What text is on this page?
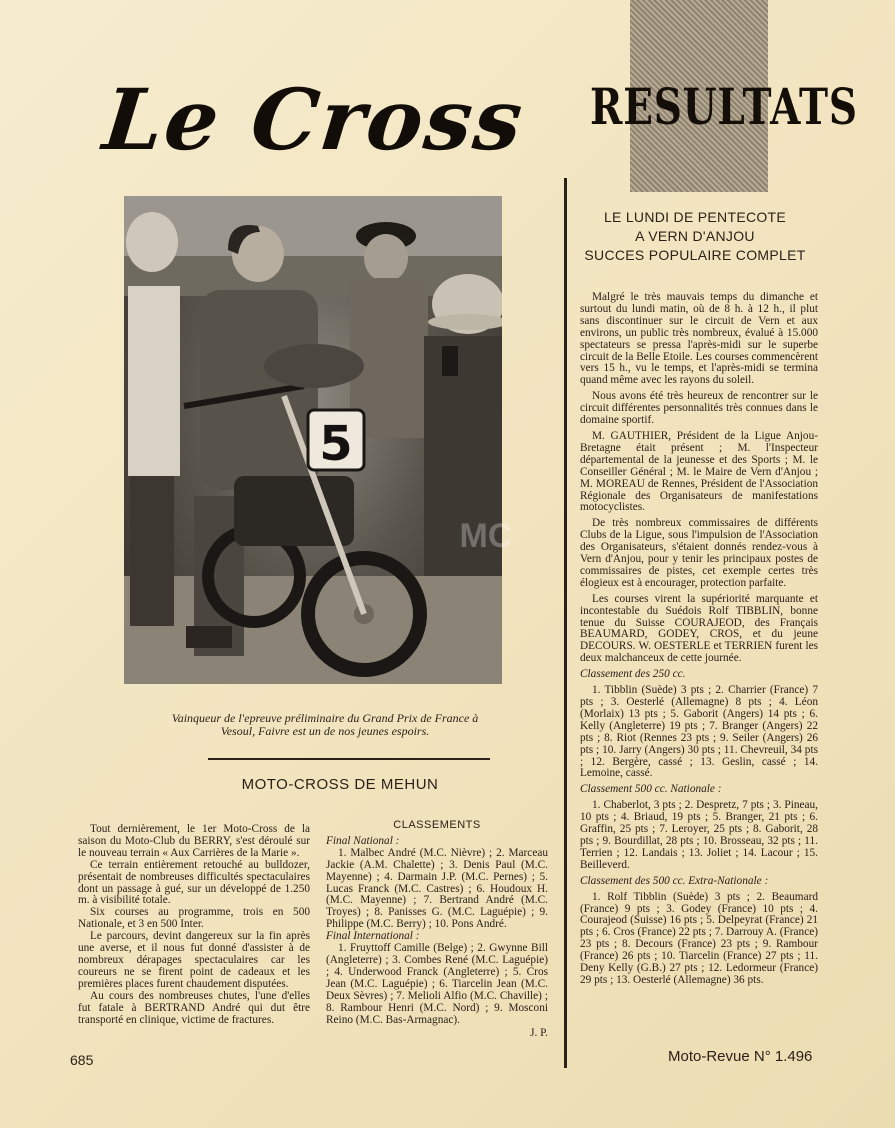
Le Cross RESULTATS
5
MC
Vainqueur de l'epreuve préliminaire du Grand Prix de France à Vesoul, Faivre est un de nos jeunes espoirs.
MOTO-CROSS DE MEHUN

Tout dernièrement, le 1er Moto-Cross de la saison du Moto-Club du BERRY, s'est déroulé sur le nouveau terrain « Aux Carrières de la Marie ».

Ce terrain entièrement retouché au bulldozer, présentait de nombreuses difficultés spectaculaires dont un passage à gué, sur un développé de 1.250 m. à visibilité totale.

Six courses au programme, trois en 500 Nationale, et 3 en 500 Inter.

Le parcours, devint dangereux sur la fin après une averse, et il nous fut donné d'assister à de nombreux dérapages spectaculaires car les coureurs ne se firent point de cadeaux et les premières places furent chaudement disputées.

Au cours des nombreuses chutes, l'une d'elles fut fatale à BERTRAND André qui dut être transporté en clinique, victime de fractures.

CLASSEMENTS

Final National :

1. Malbec André (M.C. Nièvre) ; 2. Marceau Jackie (A.M. Chalette) ; 3. Denis Paul (M.C. Mayenne) ; 4. Darmain J.P. (M.C. Pernes) ; 5. Lucas Franck (M.C. Castres) ; 6. Houdoux H. (M.C. Mayenne) ; 7. Bertrand André (M.C. Troyes) ; 8. Panisses G. (M.C. Laguépie) ; 9. Philippe (M.C. Berry) ; 10. Pons André.

Final International :

1. Fruyttoff Camille (Belge) ; 2. Gwynne Bill (Angleterre) ; 3. Combes René (M.C. Laguépie) ; 4. Underwood Franck (Angleterre) ; 5. Cros Jean (M.C. Laguépie) ; 6. Tiarcelin Jean (M.C. Deux Sèvres) ; 7. Melioli Alfio (M.C. Chaville) ; 8. Rambour Henri (M.C. Nord) ; 9. Mosconi Reino (M.C. Bas-Armagnac).

J. P.
LE LUNDI DE PENTECOTE
A VERN D'ANJOU
SUCCES POPULAIRE COMPLET

Malgré le très mauvais temps du dimanche et surtout du lundi matin, où de 8 h. à 12 h., il plut sans discontinuer sur le circuit de Vern et aux environs, un public très nombreux, évalué à 15.000 spectateurs se pressa l'après-midi sur le superbe circuit de la Belle Etoile. Les courses commencèrent vers 15 h., vu le temps, et l'après-midi se termina quand même avec les rayons du soleil.

Nous avons été très heureux de rencontrer sur le circuit différentes personnalités très connues dans le domaine sportif.

M. GAUTHIER, Président de la Ligue Anjou-Bretagne était présent ; M. l'Inspecteur départemental de la jeunesse et des Sports ; M. le Conseiller Général ; M. le Maire de Vern d'Anjou ; M. MOREAU de Rennes, Président de l'Association Régionale des Organisateurs de manifestations motocyclistes.

De très nombreux commissaires de différents Clubs de la Ligue, sous l'impulsion de l'Association des Organisateurs, s'étaient donnés rendez-vous à Vern d'Anjou, pour y tenir les principaux postes de commissaires de pistes, cet exemple certes très élogieux est à encourager, protection parfaite.

Les courses virent la supériorité marquante et incontestable du Suédois Rolf TIBBLIN, bonne tenue du Suisse COURAJEOD, des Français BEAUMARD, GODEY, CROS, et du jeune DECOURS. W. OESTERLE et TERRIEN furent les deux malchanceux de cette journée.

Classement des 250 cc.

1. Tibblin (Suède) 3 pts ; 2. Charrier (France) 7 pts ; 3. Oesterlé (Allemagne) 8 pts ; 4. Léon (Morlaix) 13 pts ; 5. Gaborit (Angers) 14 pts ; 6. Kelly (Angleterre) 19 pts ; 7. Branger (Angers) 22 pts ; 8. Riot (Rennes 23 pts ; 9. Seiler (Angers) 26 pts ; 10. Jarry (Angers) 30 pts ; 11. Chevreuil, 34 pts ; 12. Bergère, cassé ; 13. Geslin, cassé ; 14. Lemoine, cassé.

Classement 500 cc. Nationale :

1. Chaberlot, 3 pts ; 2. Despretz, 7 pts ; 3. Pineau, 10 pts ; 4. Briaud, 19 pts ; 5. Branger, 21 pts ; 6. Graffin, 25 pts ; 7. Leroyer, 25 pts ; 8. Gaborit, 28 pts ; 9. Bourdillat, 28 pts ; 10. Brosseau, 32 pts ; 11. Terrien ; 12. Landais ; 13. Joliet ; 14. Lacour ; 15. Beilleverd.

Classement des 500 cc. Extra-Nationale :

1. Rolf Tibblin (Suède) 3 pts ; 2. Beaumard (France) 9 pts ; 3. Godey (France) 10 pts ; 4. Courajeod (Suisse) 16 pts ; 5. Delpeyrat (France) 21 pts ; 6. Cros (France) 22 pts ; 7. Darrouy A. (France) 23 pts ; 8. Decours (France) 23 pts ; 9. Rambour (France) 26 pts ; 10. Tiarcelin (France) 27 pts ; 11. Deny Kelly (G.B.) 27 pts ; 12. Ledormeur (France) 29 pts ; 13. Oesterlé (Allemagne) 36 pts.

685	Moto-Revue N° 1.496
